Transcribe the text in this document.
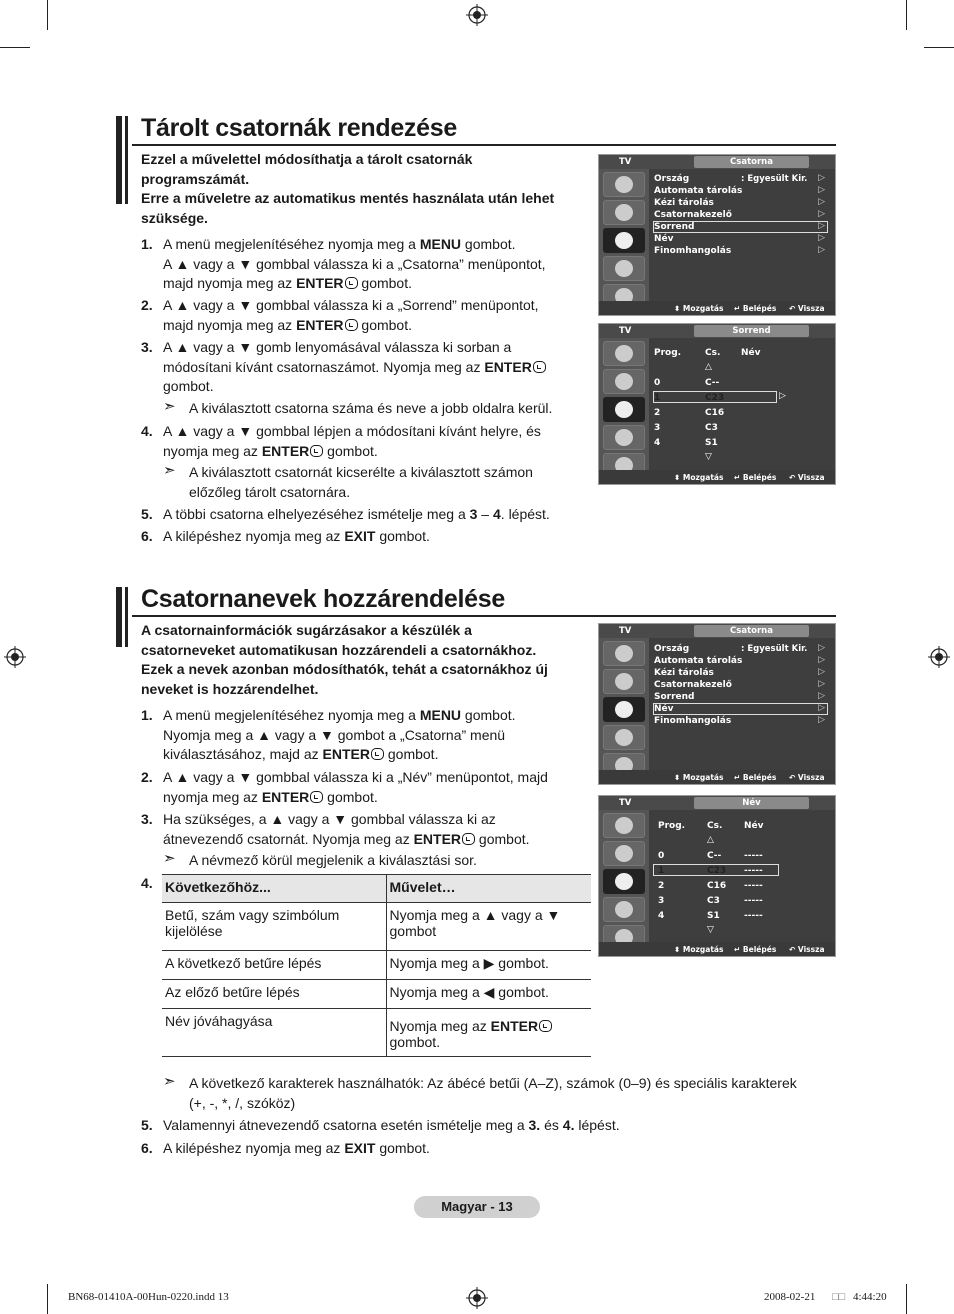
Tárolt csatornák rendezése
Ezzel a művelettel módosíthatja a tárolt csatornák
programszámát.
Erre a műveletre az automatikus mentés használata után lehet
szüksége.
1. A menü megjelenítéséhez nyomja meg a MENU gombot.
A ▲ vagy a ▼ gombbal válassza ki a „Csatorna” menüpontot,
majd nyomja meg az ENTER gombot.
2. A ▲ vagy a ▼ gombbal válassza ki a „Sorrend” menüpontot,
majd nyomja meg az ENTER gombot.
3. A ▲ vagy a ▼ gomb lenyomásával válassza ki sorban a
módosítani kívánt csatornaszámot. Nyomja meg az ENTER
gombot.
➣ A kiválasztott csatorna száma és neve a jobb oldalra kerül.
4. A ▲ vagy a ▼ gombbal lépjen a módosítani kívánt helyre, és
nyomja meg az ENTER gombot.
➣ A kiválasztott csatornát kicserélte a kiválasztott számon
előzőleg tárolt csatornára.
5. A többi csatorna elhelyezéséhez ismételje meg a 3 – 4. lépést.
6. A kilépéshez nyomja meg az EXIT gombot.
TV	Csatorna
Ország	: Egyesült Kir. ▷
Automata tárolás	▷
Kézi tárolás	▷
Csatornakezelő	▷
Sorrend	▷
Név	▷
Finomhangolás	▷
⬍ Mozgatás ↵ Belépés ↶ Vissza
TV	Sorrend
Prog.	Cs. Név
△
0	C--
1	C23	▷
2	C16
3	C3
4	S1
▽
⬍ Mozgatás ↵ Belépés ↶ Vissza
Csatornanevek hozzárendelése
A csatornainformációk sugárzásakor a készülék a
csatorneveket automatikusan hozzárendeli a csatornákhoz.
Ezek a nevek azonban módosíthatók, tehát a csatornákhoz új
neveket is hozzárendelhet.
1. A menü megjelenítéséhez nyomja meg a MENU gombot.
Nyomja meg a ▲ vagy a ▼ gombot a „Csatorna” menü
kiválasztásához, majd az ENTER gombot.
2. A ▲ vagy a ▼ gombbal válassza ki a „Név” menüpontot, majd
nyomja meg az ENTER gombot.
3. Ha szükséges, a ▲ vagy a ▼ gombbal válassza ki az
átnevezendő csatornát. Nyomja meg az ENTER gombot.
➣ A névmező körül megjelenik a kiválasztási sor.
4. Következőhöz...	Művelet…
Betű, szám vagy szimbólum
kijelölése	Nyomja meg a ▲ vagy a ▼
gombot
A következő betűre lépés	Nyomja meg a ▶ gombot.
Az előző betűre lépés	Nyomja meg a ◀ gombot.
Név jóváhagyása	Nyomja meg az ENTER
gombot.
➣ A következő karakterek használhatók: Az ábécé betűi (A–Z), számok (0–9) és speciális karakterek
(+, -, *, /, szóköz)
5. Valamennyi átnevezendő csatorna esetén ismételje meg a 3. és 4. lépést.
6. A kilépéshez nyomja meg az EXIT gombot.
TV	Csatorna
Ország	: Egyesült Kir. ▷
Automata tárolás	▷
Kézi tárolás	▷
Csatornakezelő	▷
Sorrend	▷
Név	▷
Finomhangolás	▷
⬍ Mozgatás ↵ Belépés ↶ Vissza
TV	Név
Prog. Cs. Név
△
0	C--	-----
1	C23 -----
2	C16 -----
3	C3	-----
4	S1	-----
▽
⬍ Mozgatás ↵ Belépés ↶ Vissza
Magyar - 13
BN68-01410A-00Hun-0220.indd 13	2008-02-21 □□ 4:44:20
